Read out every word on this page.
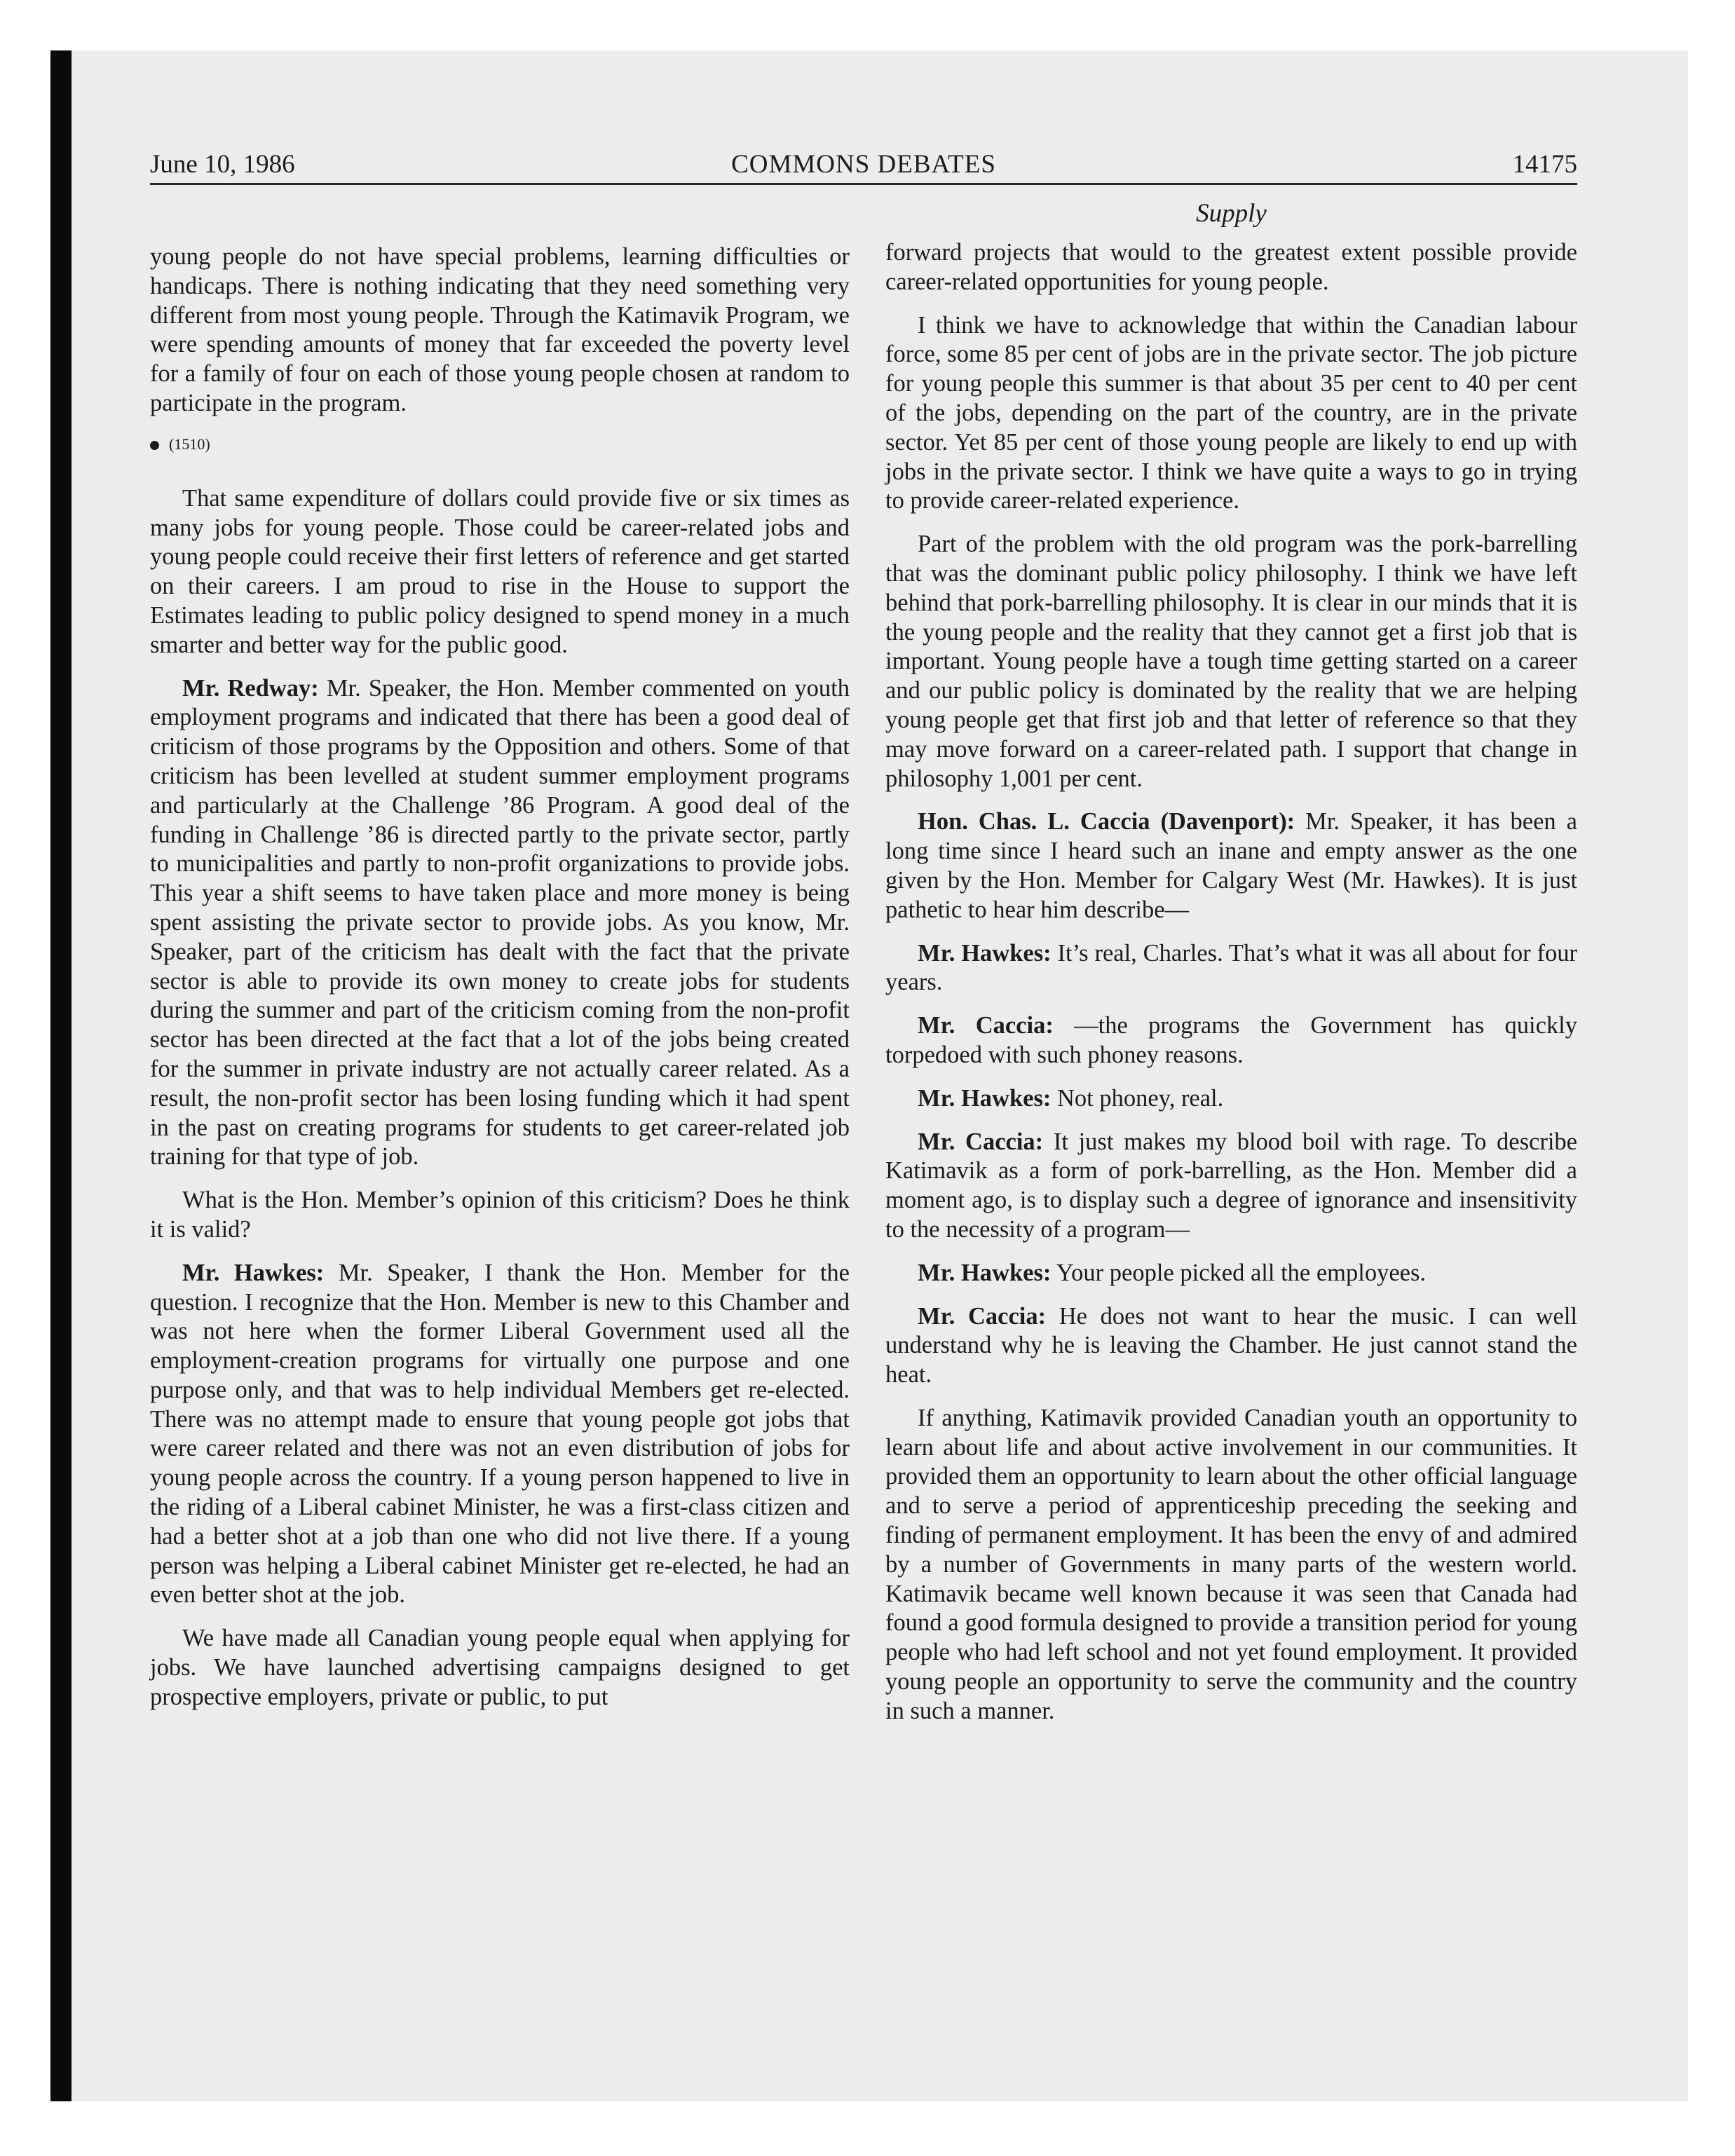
COMMONS DEBATES
June 10, 1986	14175
Supply

young people do not have special problems, learning difficulties or handicaps. There is nothing indicating that they need something very different from most young people. Through the Katimavik Program, we were spending amounts of money that far exceeded the poverty level for a family of four on each of those young people chosen at random to participate in the program.

(1510)

That same expenditure of dollars could provide five or six times as many jobs for young people. Those could be career-related jobs and young people could receive their first letters of reference and get started on their careers. I am proud to rise in the House to support the Estimates leading to public policy designed to spend money in a much smarter and better way for the public good.

Mr. Redway: Mr. Speaker, the Hon. Member commented on youth employment programs and indicated that there has been a good deal of criticism of those programs by the Opposition and others. Some of that criticism has been levelled at student summer employment programs and particularly at the Challenge ’86 Program. A good deal of the funding in Challenge ’86 is directed partly to the private sector, partly to municipalities and partly to non-profit organizations to provide jobs. This year a shift seems to have taken place and more money is being spent assisting the private sector to provide jobs. As you know, Mr. Speaker, part of the criticism has dealt with the fact that the private sector is able to provide its own money to create jobs for students during the summer and part of the criticism coming from the non-profit sector has been directed at the fact that a lot of the jobs being created for the summer in private industry are not actually career related. As a result, the non-profit sector has been losing funding which it had spent in the past on creating programs for students to get career-related job training for that type of job.

What is the Hon. Member’s opinion of this criticism? Does he think it is valid?

Mr. Hawkes: Mr. Speaker, I thank the Hon. Member for the question. I recognize that the Hon. Member is new to this Chamber and was not here when the former Liberal Government used all the employment-creation programs for virtually one purpose and one purpose only, and that was to help individual Members get re-elected. There was no attempt made to ensure that young people got jobs that were career related and there was not an even distribution of jobs for young people across the country. If a young person happened to live in the riding of a Liberal cabinet Minister, he was a first-class citizen and had a better shot at a job than one who did not live there. If a young person was helping a Liberal cabinet Minister get re-elected, he had an even better shot at the job.

We have made all Canadian young people equal when applying for jobs. We have launched advertising campaigns designed to get prospective employers, private or public, to put

forward projects that would to the greatest extent possible provide career-related opportunities for young people.

I think we have to acknowledge that within the Canadian labour force, some 85 per cent of jobs are in the private sector. The job picture for young people this summer is that about 35 per cent to 40 per cent of the jobs, depending on the part of the country, are in the private sector. Yet 85 per cent of those young people are likely to end up with jobs in the private sector. I think we have quite a ways to go in trying to provide career-related experience.

Part of the problem with the old program was the pork-barrelling that was the dominant public policy philosophy. I think we have left behind that pork-barrelling philosophy. It is clear in our minds that it is the young people and the reality that they cannot get a first job that is important. Young people have a tough time getting started on a career and our public policy is dominated by the reality that we are helping young people get that first job and that letter of reference so that they may move forward on a career-related path. I support that change in philosophy 1,001 per cent.

Hon. Chas. L. Caccia (Davenport): Mr. Speaker, it has been a long time since I heard such an inane and empty answer as the one given by the Hon. Member for Calgary West (Mr. Hawkes). It is just pathetic to hear him describe—

Mr. Hawkes: It’s real, Charles. That’s what it was all about for four years.

Mr. Caccia: —the programs the Government has quickly torpedoed with such phoney reasons.

Mr. Hawkes: Not phoney, real.

Mr. Caccia: It just makes my blood boil with rage. To describe Katimavik as a form of pork-barrelling, as the Hon. Member did a moment ago, is to display such a degree of ignorance and insensitivity to the necessity of a program—

Mr. Hawkes: Your people picked all the employees.

Mr. Caccia: He does not want to hear the music. I can well understand why he is leaving the Chamber. He just cannot stand the heat.

If anything, Katimavik provided Canadian youth an opportunity to learn about life and about active involvement in our communities. It provided them an opportunity to learn about the other official language and to serve a period of apprenticeship preceding the seeking and finding of permanent employment. It has been the envy of and admired by a number of Governments in many parts of the western world. Katimavik became well known because it was seen that Canada had found a good formula designed to provide a transition period for young people who had left school and not yet found employment. It provided young people an opportunity to serve the community and the country in such a manner.
